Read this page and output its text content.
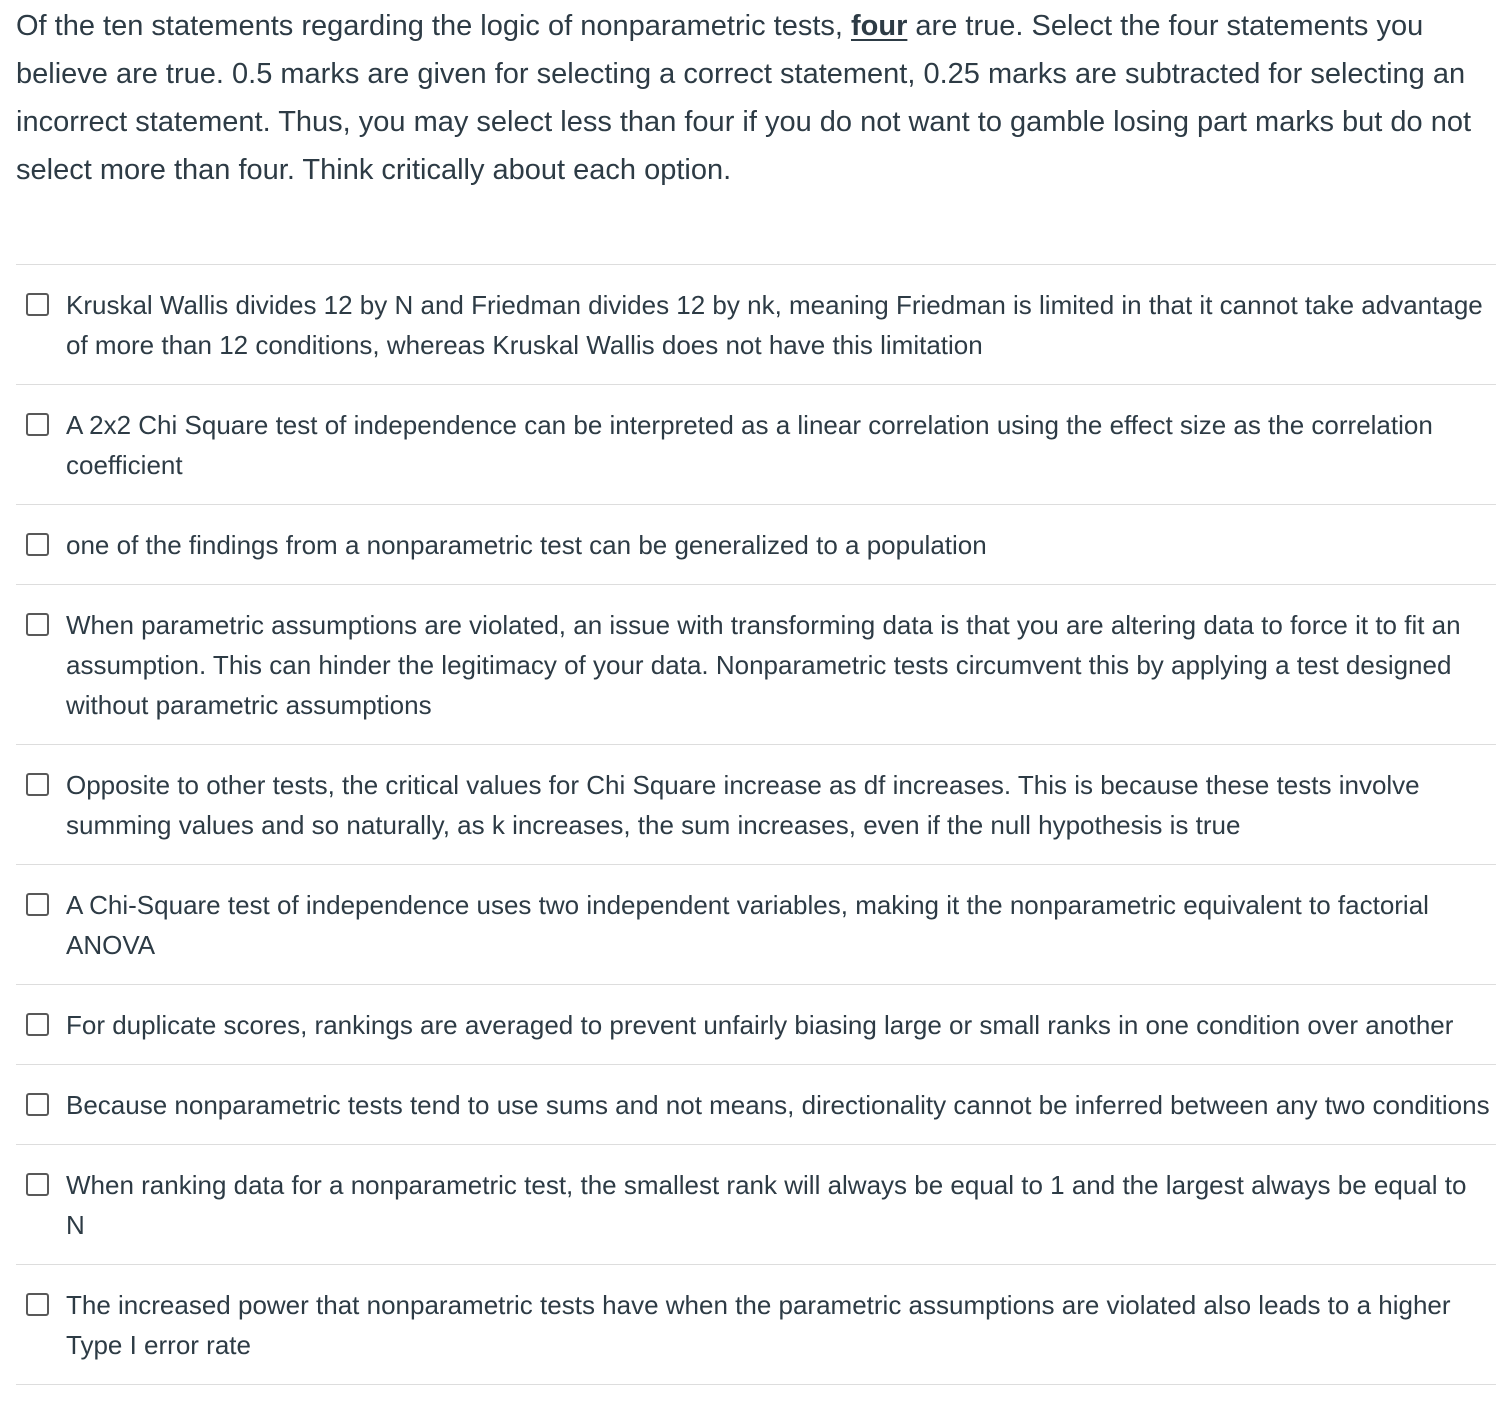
Of the ten statements regarding the logic of nonparametric tests, four are true. Select the four statements you believe are true. 0.5 marks are given for selecting a correct statement, 0.25 marks are subtracted for selecting an incorrect statement. Thus, you may select less than four if you do not want to gamble losing part marks but do not select more than four. Think critically about each option.
Kruskal Wallis divides 12 by N and Friedman divides 12 by nk, meaning Friedman is limited in that it cannot take advantage of more than 12 conditions, whereas Kruskal Wallis does not have this limitation
A 2x2 Chi Square test of independence can be interpreted as a linear correlation using the effect size as the correlation coefficient
one of the findings from a nonparametric test can be generalized to a population
When parametric assumptions are violated, an issue with transforming data is that you are altering data to force it to fit an assumption. This can hinder the legitimacy of your data. Nonparametric tests circumvent this by applying a test designed without parametric assumptions
Opposite to other tests, the critical values for Chi Square increase as df increases. This is because these tests involve summing values and so naturally, as k increases, the sum increases, even if the null hypothesis is true
A Chi-Square test of independence uses two independent variables, making it the nonparametric equivalent to factorial ANOVA
For duplicate scores, rankings are averaged to prevent unfairly biasing large or small ranks in one condition over another
Because nonparametric tests tend to use sums and not means, directionality cannot be inferred between any two conditions
When ranking data for a nonparametric test, the smallest rank will always be equal to 1 and the largest always be equal to N
The increased power that nonparametric tests have when the parametric assumptions are violated also leads to a higher Type I error rate
